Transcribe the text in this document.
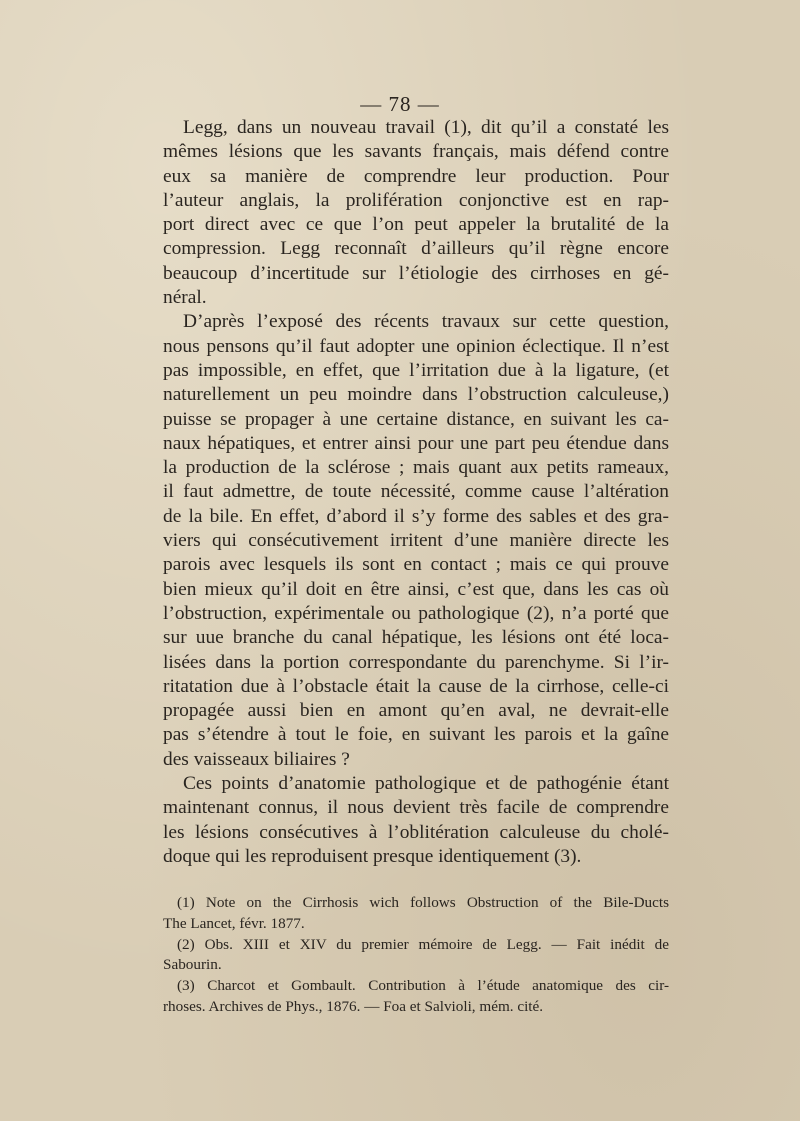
— 78 —
Legg, dans un nouveau travail (1), dit qu’il a constaté les
mêmes lésions que les savants français, mais défend contre
eux sa manière de comprendre leur production. Pour
l’auteur anglais, la prolifération conjonctive est en rap-
port direct avec ce que l’on peut appeler la brutalité de la
compression. Legg reconnaît d’ailleurs qu’il règne encore
beaucoup d’incertitude sur l’étiologie des cirrhoses en gé-
néral.
D’après l’exposé des récents travaux sur cette question,
nous pensons qu’il faut adopter une opinion éclectique. Il n’est
pas impossible, en effet, que l’irritation due à la ligature, (et
naturellement un peu moindre dans l’obstruction calculeuse,)
puisse se propager à une certaine distance, en suivant les ca-
naux hépatiques, et entrer ainsi pour une part peu étendue dans
la production de la sclérose ; mais quant aux petits rameaux,
il faut admettre, de toute nécessité, comme cause l’altération
de la bile. En effet, d’abord il s’y forme des sables et des gra-
viers qui consécutivement irritent d’une manière directe les
parois avec lesquels ils sont en contact ; mais ce qui prouve
bien mieux qu’il doit en être ainsi, c’est que, dans les cas où
l’obstruction, expérimentale ou pathologique (2), n’a porté que
sur uue branche du canal hépatique, les lésions ont été loca-
lisées dans la portion correspondante du parenchyme. Si l’ir-
ritatation due à l’obstacle était la cause de la cirrhose, celle-ci
propagée aussi bien en amont qu’en aval, ne devrait-elle
pas s’étendre à tout le foie, en suivant les parois et la gaîne
des vaisseaux biliaires ?
Ces points d’anatomie pathologique et de pathogénie étant
maintenant connus, il nous devient très facile de comprendre
les lésions consécutives à l’oblitération calculeuse du cholé-
doque qui les reproduisent presque identiquement (3).
(1) Note on the Cirrhosis wich follows Obstruction of the Bile-Ducts
The Lancet, févr. 1877.
(2) Obs. XIII et XIV du premier mémoire de Legg. — Fait inédit de
Sabourin.
(3) Charcot et Gombault. Contribution à l’étude anatomique des cir-
rhoses. Archives de Phys., 1876. — Foa et Salvioli, mém. cité.
